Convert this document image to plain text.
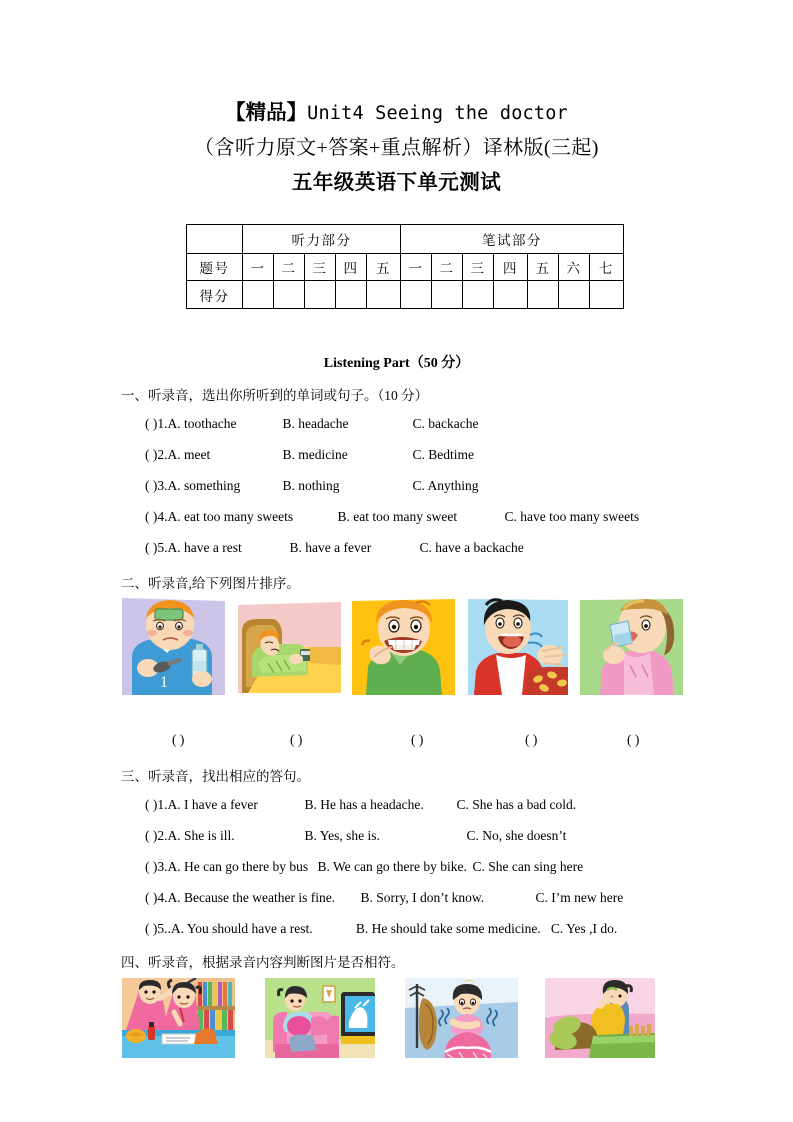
【精品】Unit4 Seeing the doctor
（含听力原文+答案+重点解析）译林版(三起)
五年级英语下单元测试
	听力部分					笔试部分						
题号	一	二	三	四	五	一	二	三	四	五	六	七
得分												
Listening Part（50 分）
一、听录音，选出你所听到的单词或句子。（10 分）
( )1.A. toothache	B. headache	C. backache
( )2.A. meet	B. medicine	C. Bedtime
( )3.A. something	B. nothing	C. Anything
( )4.A. eat too many sweets	B. eat too many sweet	C. have too many sweets
( )5.A. have a rest	B. have a fever	C. have a backache
二、听录音,给下列图片排序。
1
( )	( )	( )	( )	( )
三、听录音，找出相应的答句。
( )1.A. I have a fever	B. He has a headache. C. She has a bad cold.
( )2.A. She is ill.	B. Yes, she is.	C. No, she doesn’t
( )3.A. He can go there by bus B. We can go there by bike. C. She can sing here
( )4.A. Because the weather is fine. B. Sorry, I don’t know.	C. I’m new here
( )5..A. You should have a rest.	B. He should take some medicine. C. Yes ,I do.
四、听录音，根据录音内容判断图片是否相符。
